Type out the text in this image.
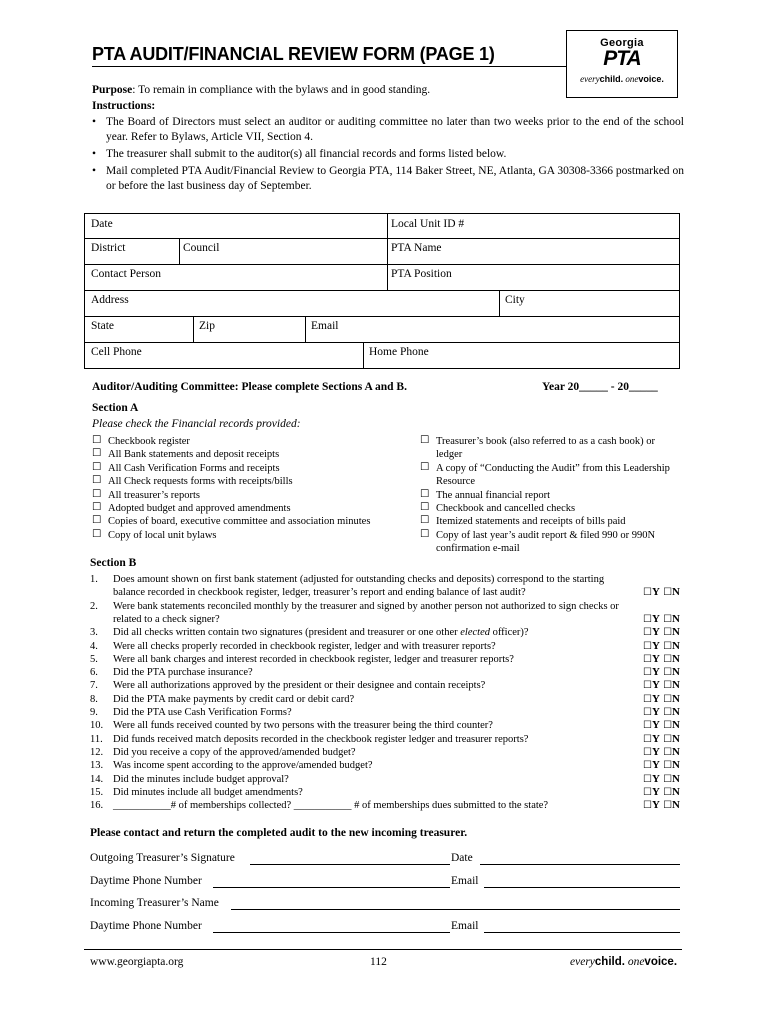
PTA AUDIT/FINANCIAL REVIEW FORM (PAGE 1)
Georgia
PTA
everychild. onevoice.
Purpose: To remain in compliance with the bylaws and in good standing.
Instructions:
• The Board of Directors must select an auditor or auditing committee no later than two weeks prior to the end of the school year. Refer to Bylaws, Article VII, Section 4.
• The treasurer shall submit to the auditor(s) all financial records and forms listed below.
• Mail completed PTA Audit/Financial Review to Georgia PTA, 114 Baker Street, NE, Atlanta, GA 30308-3366 postmarked on or before the last business day of September.
Date	Local Unit ID #
District	Council	PTA Name
Contact Person	PTA Position
Address	City
State	Zip	Email
Cell Phone	Home Phone
Auditor/Auditing Committee: Please complete Sections A and B.	Year 20_____ - 20_____
Section A
Please check the Financial records provided:
☐ Checkbook register
☐ All Bank statements and deposit receipts
☐ All Cash Verification Forms and receipts
☐ All Check requests forms with receipts/bills
☐ All treasurer’s reports
☐ Adopted budget and approved amendments
☐ Copies of board, executive committee and association minutes
☐ Copy of local unit bylaws
☐ Treasurer’s book (also referred to as a cash book) or ledger
☐ A copy of “Conducting the Audit” from this Leadership Resource
☐ The annual financial report
☐ Checkbook and cancelled checks
☐ Itemized statements and receipts of bills paid
☐ Copy of last year’s audit report & filed 990 or 990N confirmation e-mail
Section B
1. Does amount shown on first bank statement (adjusted for outstanding checks and deposits) correspond to the starting
balance recorded in checkbook register, ledger, treasurer’s report and ending balance of last audit?	☐Y ☐N
2. Were bank statements reconciled monthly by the treasurer and signed by another person not authorized to sign checks or
related to a check signer?	☐Y ☐N
3. Did all checks written contain two signatures (president and treasurer or one other elected officer)?	☐Y ☐N
4. Were all checks properly recorded in checkbook register, ledger and with treasurer reports?	☐Y ☐N
5. Were all bank charges and interest recorded in checkbook register, ledger and treasurer reports?	☐Y ☐N
6. Did the PTA purchase insurance?	☐Y ☐N
7. Were all authorizations approved by the president or their designee and contain receipts?	☐Y ☐N
8. Did the PTA make payments by credit card or debit card?	☐Y ☐N
9. Did the PTA use Cash Verification Forms?	☐Y ☐N
10. Were all funds received counted by two persons with the treasurer being the third counter?	☐Y ☐N
11. Did funds received match deposits recorded in the checkbook register ledger and treasurer reports?	☐Y ☐N
12. Did you receive a copy of the approved/amended budget?	☐Y ☐N
13. Was income spent according to the approve/amended budget?	☐Y ☐N
14. Did the minutes include budget approval?	☐Y ☐N
15. Did minutes include all budget amendments?	☐Y ☐N
16. ___________# of memberships collected? ___________ # of memberships dues submitted to the state?	☐Y ☐N
Please contact and return the completed audit to the new incoming treasurer.
Outgoing Treasurer’s Signature	Date
Daytime Phone Number	Email
Incoming Treasurer’s Name
Daytime Phone Number	Email
www.georgiapta.org	112	everychild. onevoice.
